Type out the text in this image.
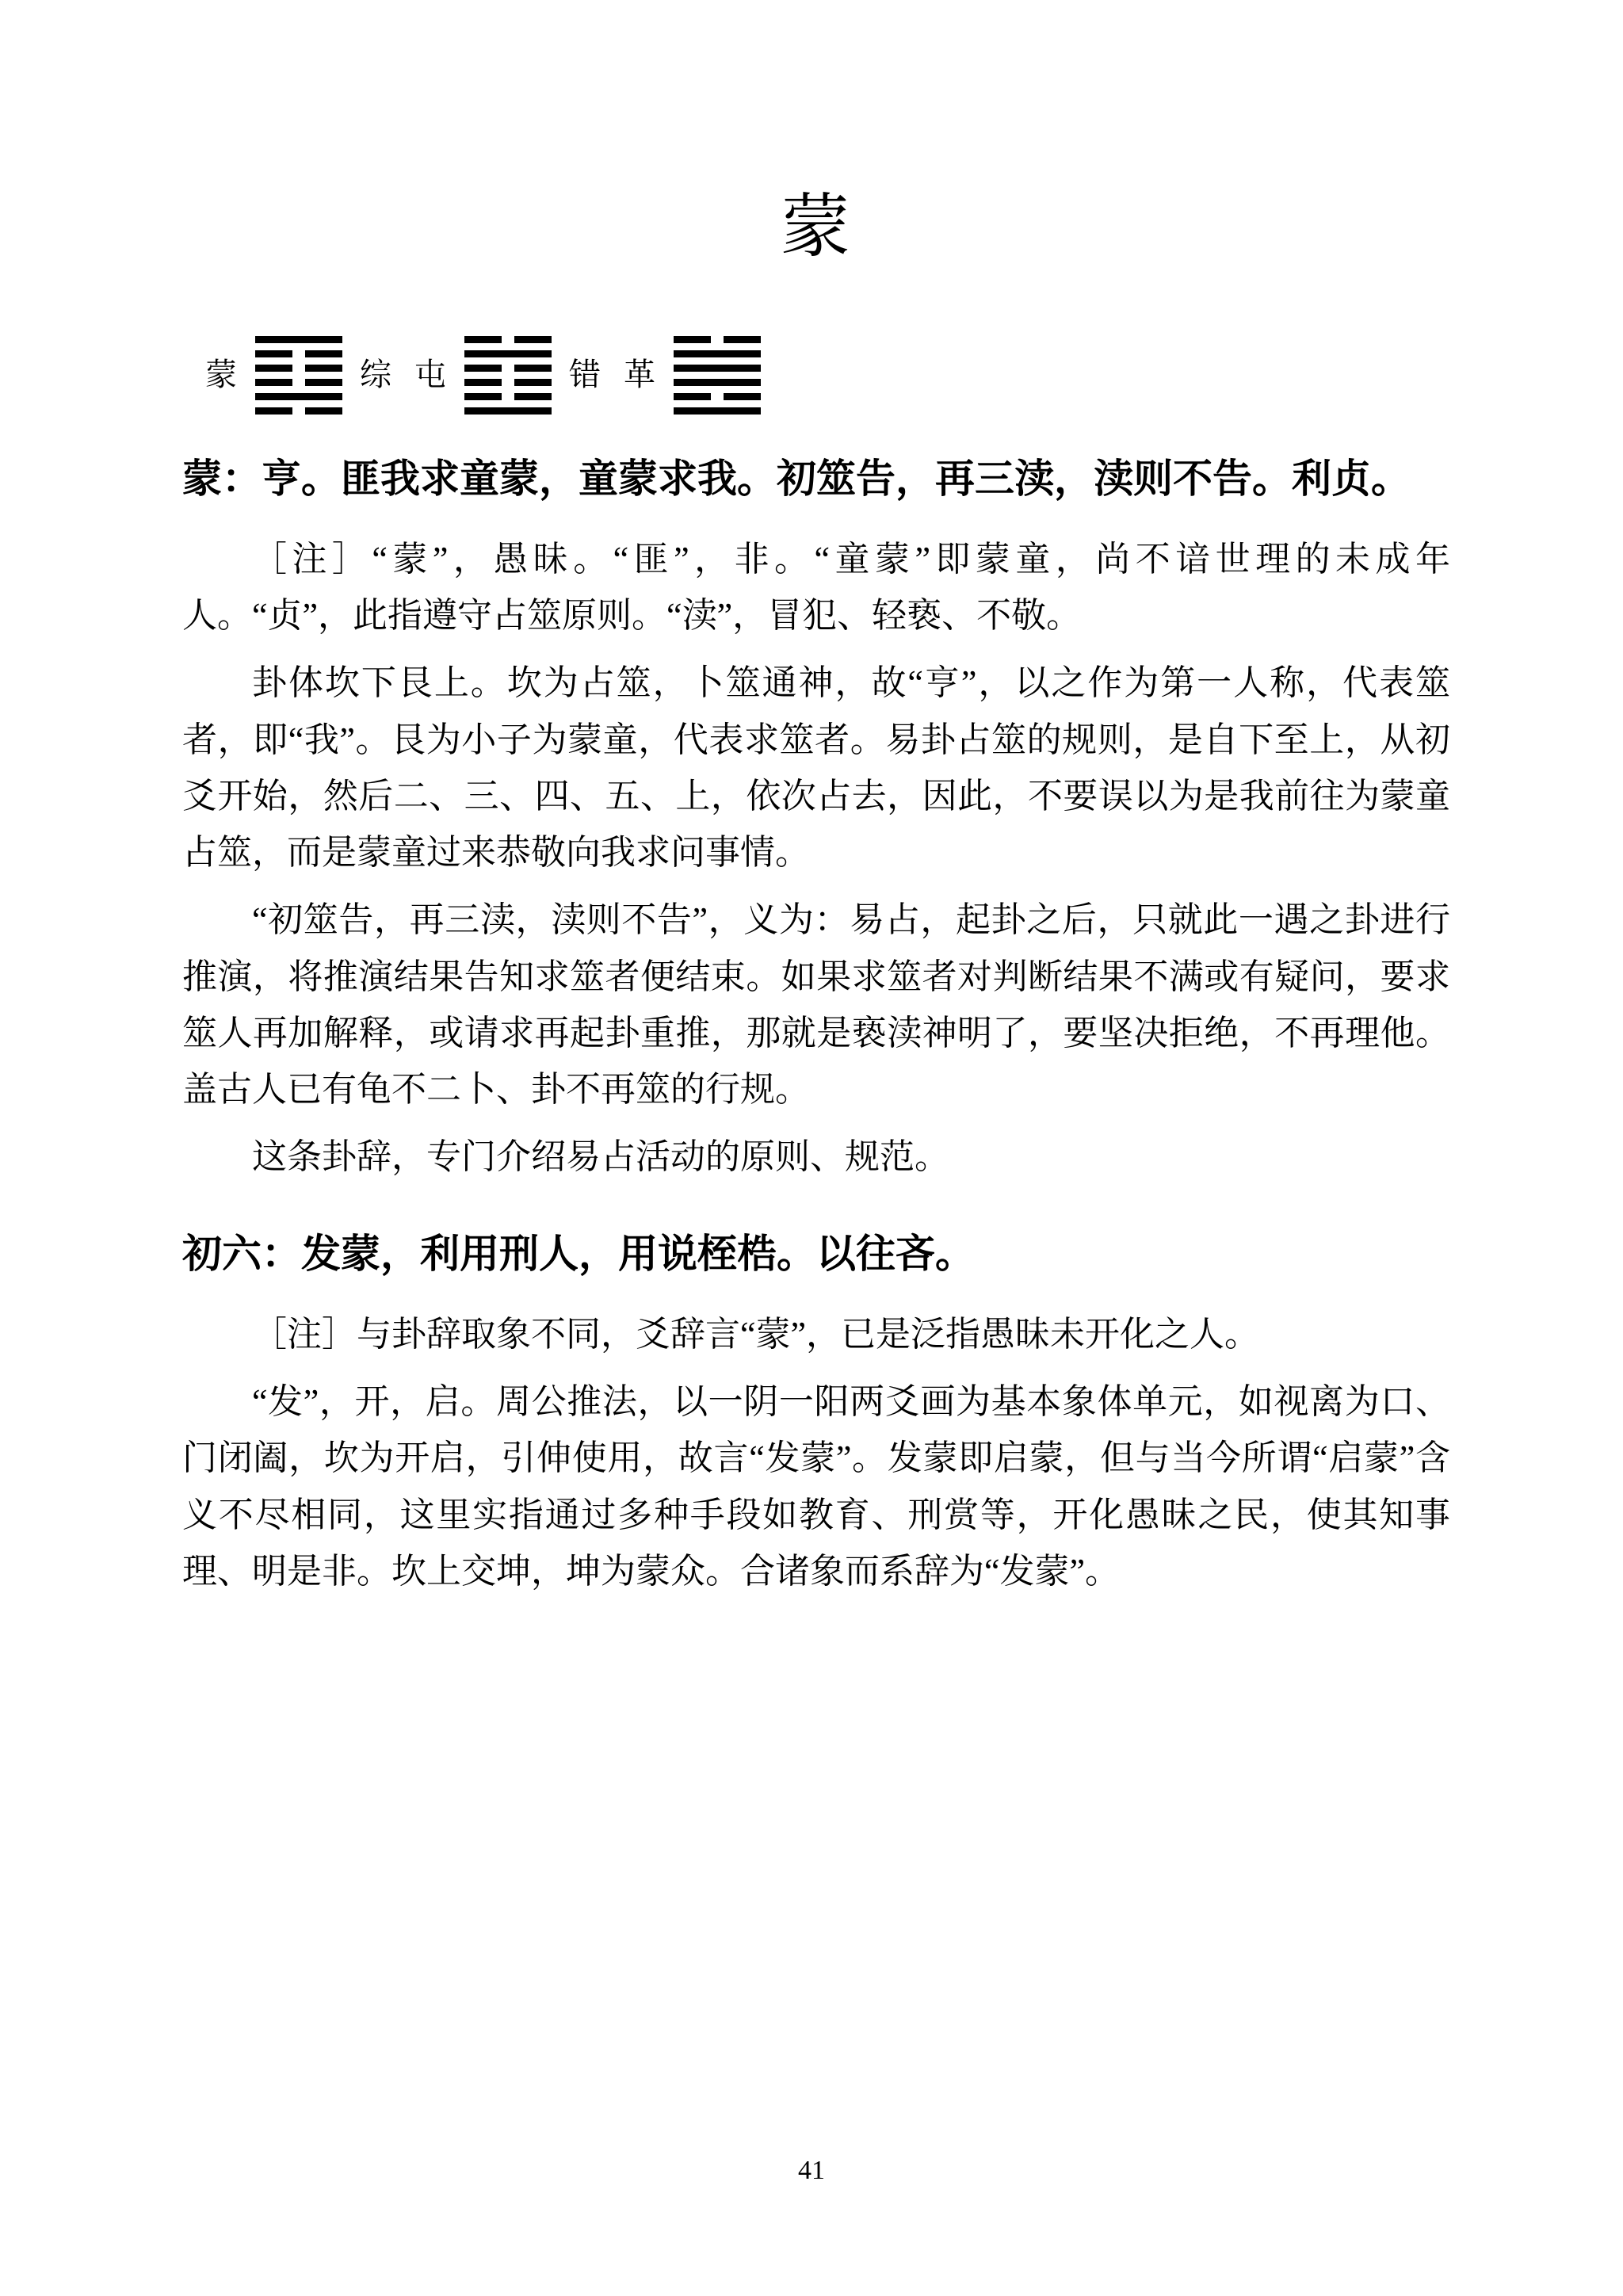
蒙
蒙	综 屯	错 革
蒙：亨。匪我求童蒙，童蒙求我。初筮告，再三渎，渎则不告。利贞。

［注］“蒙”，愚昧。“匪”，非。“童蒙”即蒙童，尚不谙世理的未成年人。“贞”，此指遵守占筮原则。“渎”，冒犯、轻亵、不敬。

卦体坎下艮上。坎为占筮，卜筮通神，故“亨”，以之作为第一人称，代表筮者，即“我”。艮为小子为蒙童，代表求筮者。易卦占筮的规则，是自下至上，从初爻开始，然后二、三、四、五、上，依次占去，因此，不要误以为是我前往为蒙童占筮，而是蒙童过来恭敬向我求问事情。

“初筮告，再三渎，渎则不告”，义为：易占，起卦之后，只就此一遇之卦进行推演，将推演结果告知求筮者便结束。如果求筮者对判断结果不满或有疑问，要求筮人再加解释，或请求再起卦重推，那就是亵渎神明了，要坚决拒绝，不再理他。盖古人已有龟不二卜、卦不再筮的行规。

这条卦辞，专门介绍易占活动的原则、规范。

初六：发蒙，利用刑人，用说桎梏。以往吝。

［注］与卦辞取象不同，爻辞言“蒙”，已是泛指愚昧未开化之人。

“发”，开，启。周公推法，以一阴一阳两爻画为基本象体单元，如视离为口、门闭阖，坎为开启，引伸使用，故言“发蒙”。发蒙即启蒙，但与当今所谓“启蒙”含义不尽相同，这里实指通过多种手段如教育、刑赏等，开化愚昧之民，使其知事理、明是非。坎上交坤，坤为蒙众。合诸象而系辞为“发蒙”。

41
